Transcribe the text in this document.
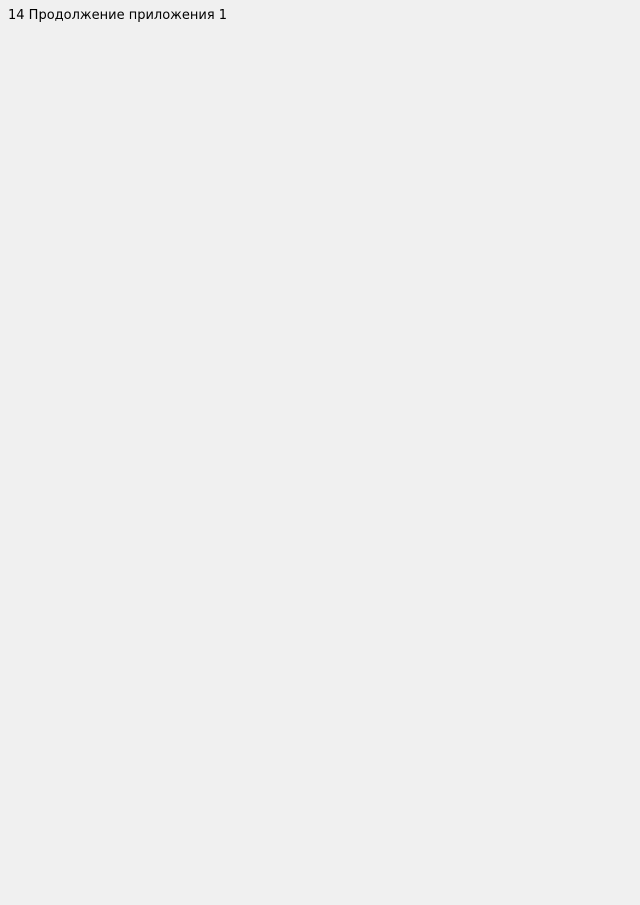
14 Продолжение приложения 1
